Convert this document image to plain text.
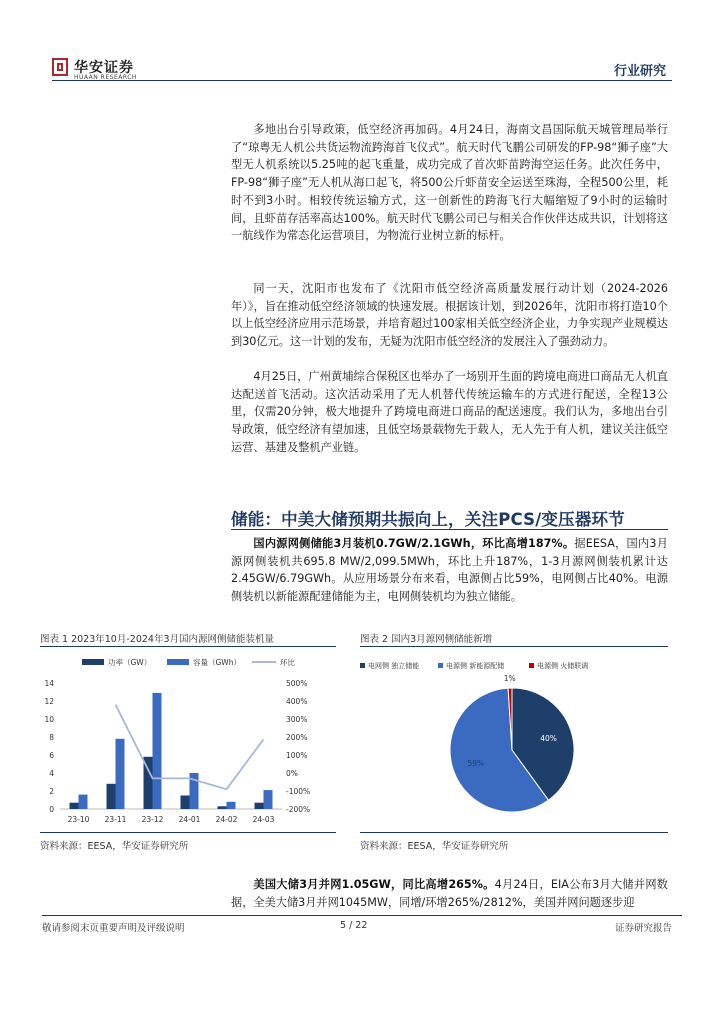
华安证券
HUAAN RESEARCH	行业研究

多地出台引导政策，低空经济再加码。4月24日，海南文昌国际航天城管理局举行了“琼粤无人机公共货运物流跨海首飞仪式”。航天时代飞鹏公司研发的FP-98“狮子座”大型无人机系统以5.25吨的起飞重量，成功完成了首次虾苗跨海空运任务。此次任务中，FP-98“狮子座”无人机从海口起飞，将500公斤虾苗安全运送至珠海，全程500公里，耗时不到3小时。相较传统运输方式，这一创新性的跨海飞行大幅缩短了9小时的运输时间，且虾苗存活率高达100%。航天时代飞鹏公司已与相关合作伙伴达成共识，计划将这一航线作为常态化运营项目，为物流行业树立新的标杆。

同一天，沈阳市也发布了《沈阳市低空经济高质量发展行动计划（2024-2026年）》，旨在推动低空经济领域的快速发展。根据该计划，到2026年，沈阳市将打造10个以上低空经济应用示范场景，并培育超过100家相关低空经济企业，力争实现产业规模达到30亿元。这一计划的发布，无疑为沈阳市低空经济的发展注入了强劲动力。

4月25日，广州黄埔综合保税区也举办了一场别开生面的跨境电商进口商品无人机直达配送首飞活动。这次活动采用了无人机替代传统运输车的方式进行配送，全程13公里，仅需20分钟，极大地提升了跨境电商进口商品的配送速度。我们认为，多地出台引导政策，低空经济有望加速，且低空场景载物先于载人，无人先于有人机，建议关注低空运营、基建及整机产业链。

储能：中美大储预期共振向上，关注PCS/变压器环节

国内源网侧储能3月装机0.7GW/2.1GWh，环比高增187%。据EESA，国内3月源网侧装机共695.8 MW/2,099.5MWh，环比上升187%，1-3月源网侧装机累计达2.45GW/6.79GWh。从应用场景分布来看，电源侧占比59%，电网侧占比40%。电源侧装机以新能源配建储能为主，电网侧装机均为独立储能。

图表 1 2023年10月-2024年3月国内源网侧储能装机量
功率（GW）	容量（GWh）	环比
0
2
4
6
8
10
12
14
-200%
-100%
0%
100%
200%
300%
400%
500%
23-10 23-11 23-12 24-01 24-02 24-03
资料来源：EESA，华安证券研究所
图表 2 国内3月源网侧储能新增
电网侧 独立储能	电源侧 新能源配储	电源侧 火储联调
40%
59%
1%
资料来源：EESA，华安证券研究所

美国大储3月并网1.05GW，同比高增265%。4月24日，EIA公布3月大储并网数据，全美大储3月并网1045MW，同增/环增265%/2812%，美国并网问题逐步迎

敬请参阅末页重要声明及评级说明	5 / 22	证券研究报告
